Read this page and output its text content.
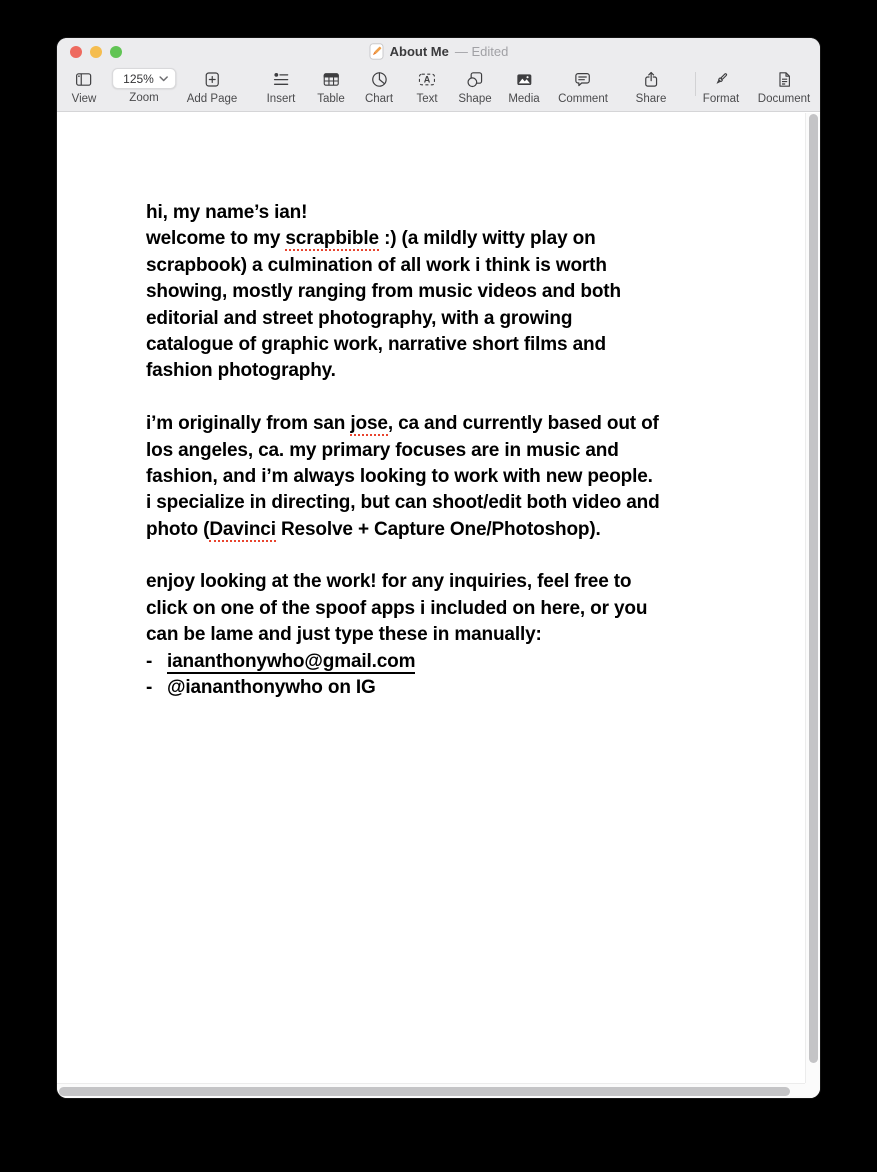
About Me — Edited
View
125%
Zoom Add Page	Insert Table Chart
A
Text Shape Media Comment Share	Format Document
hi, my name’s ian!
welcome to my scrapbible :) (a mildly witty play on
scrapbook) a culmination of all work i think is worth
showing, mostly ranging from music videos and both
editorial and street photography, with a growing
catalogue of graphic work, narrative short films and
fashion photography.

i’m originally from san jose, ca and currently based out of
los angeles, ca. my primary focuses are in music and
fashion, and i’m always looking to work with new people.
i specialize in directing, but can shoot/edit both video and
photo (Davinci Resolve + Capture One/Photoshop).

enjoy looking at the work! for any inquiries, feel free to
click on one of the spoof apps i included on here, or you
can be lame and just type these in manually:
- iananthonywho@gmail.com
- @iananthonywho on IG
